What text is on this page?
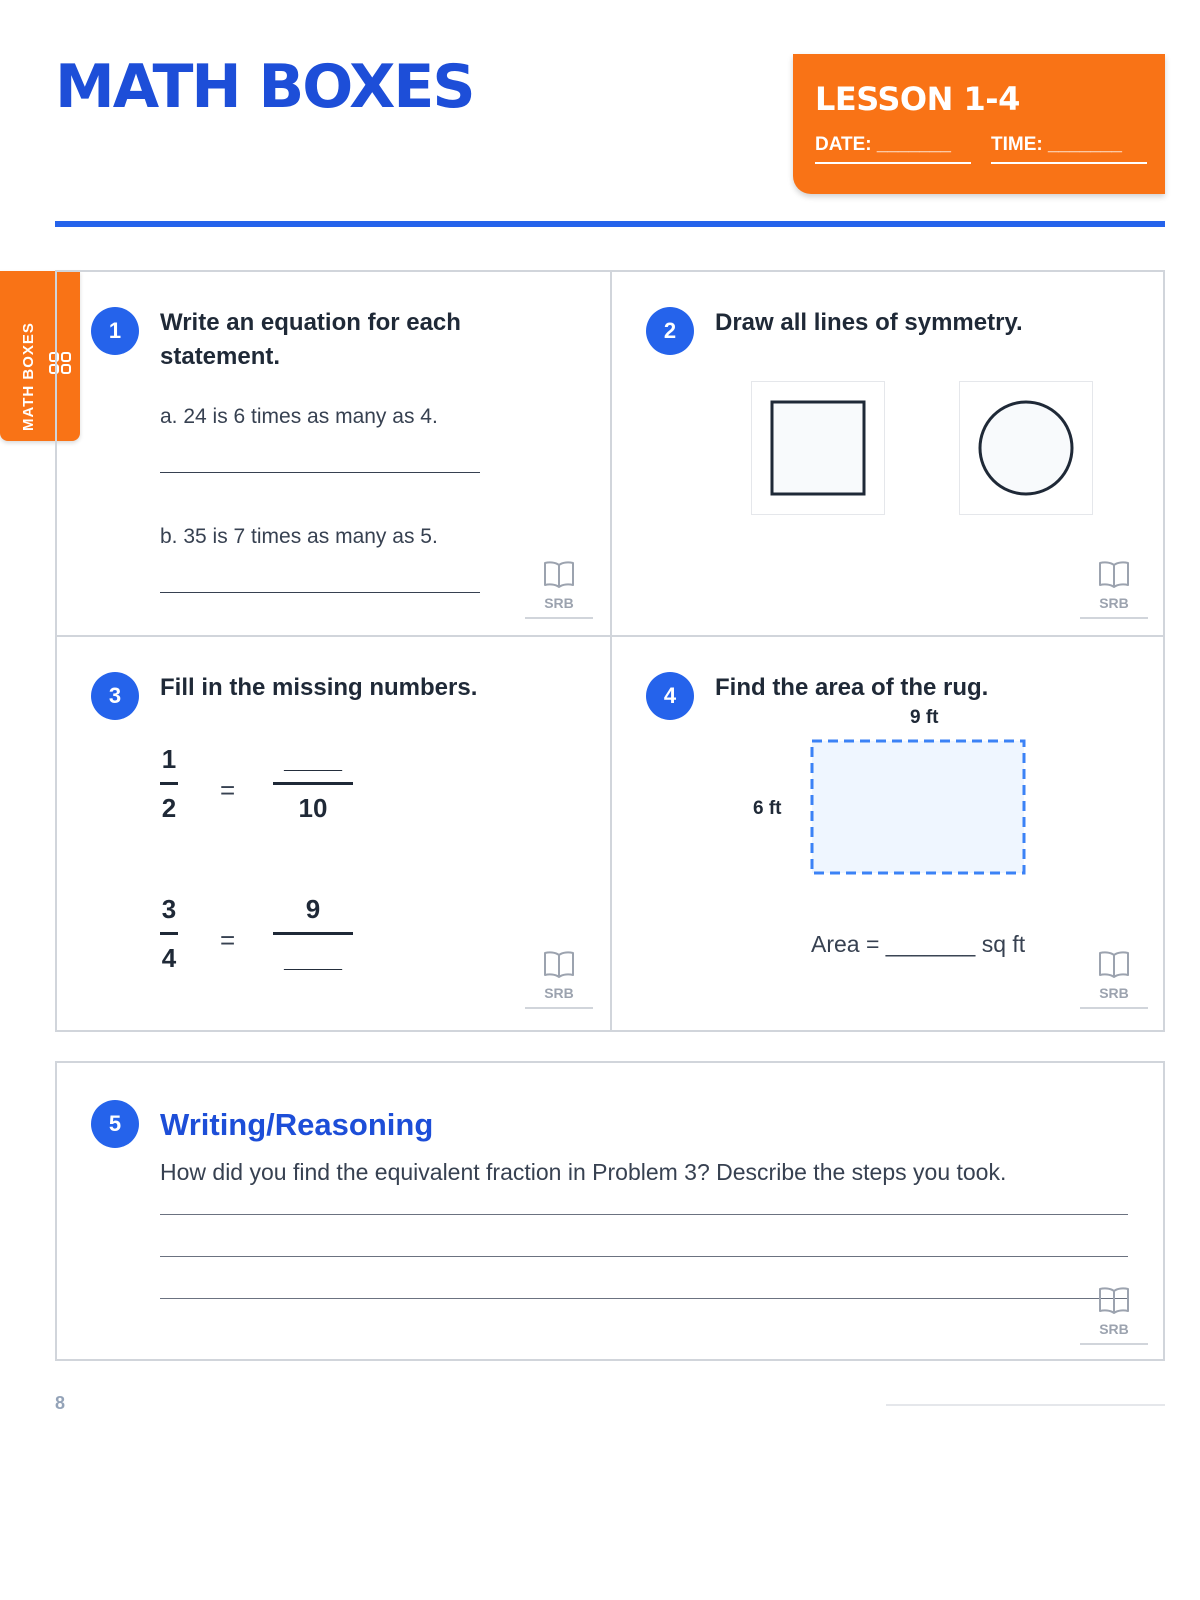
MATH BOXES	LESSON 1-4
DATE: _______	TIME: _______
MATH BOXES	1	Write an equation for each statement.
a. 24 is 6 times as many as 4.
b. 35 is 7 times as many as 5.
SRB
2	Draw all lines of symmetry.
SRB
3	Fill in the missing numbers.
1
2
=
____
10
3
4
=
9
____
SRB
4	Find the area of the rug.
9 ft
6 ft
Area = _______ sq ft
SRB
5	Writing/Reasoning
How did you find the equivalent fraction in Problem 3? Describe the steps you took.
SRB
8
